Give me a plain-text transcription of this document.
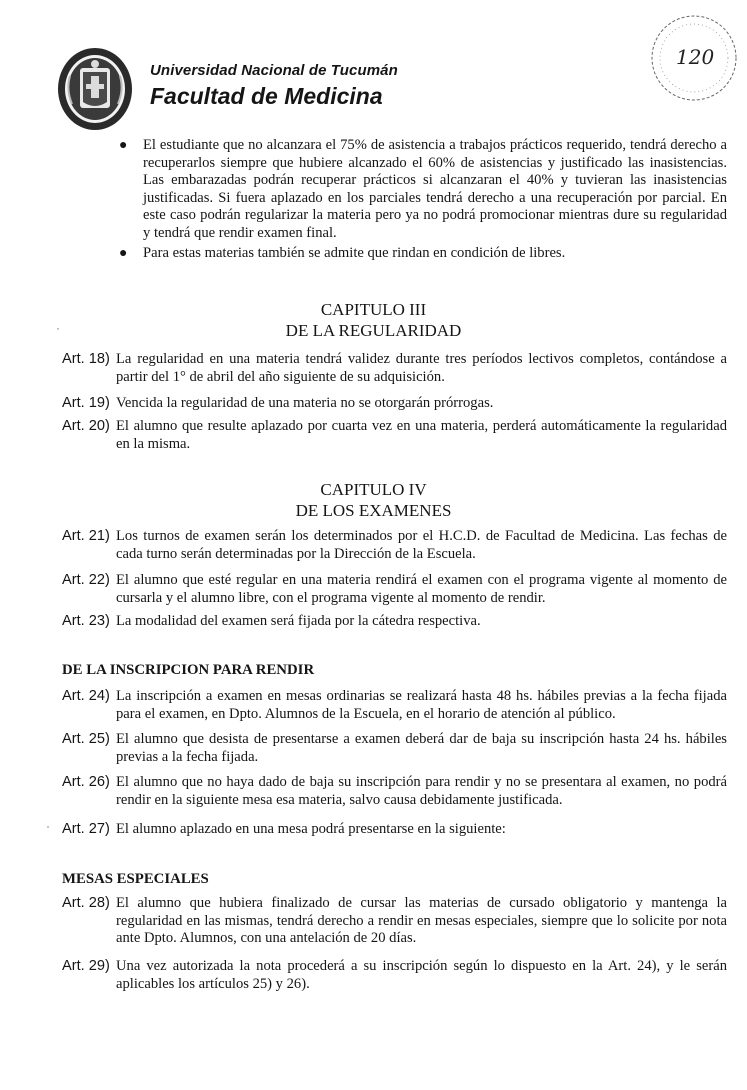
Universidad Nacional de Tucumán
Facultad de Medicina
120
● El estudiante que no alcanzara el 75% de asistencia a trabajos prácticos requerido, tendrá derecho a recuperarlos siempre que hubiere alcanzado el 60% de asistencias y justificado las inasistencias. Las embarazadas podrán recuperar prácticos si alcanzaran el 40% y tuvieran las inasistencias justificadas. Si fuera aplazado en los parciales tendrá derecho a una recuperación por parcial. En este caso podrán regularizar la materia pero ya no podrá promocionar mientras dure su regularidad y tendrá que rendir examen final.
● Para estas materias también se admite que rindan en condición de libres.
CAPITULO III
DE LA REGULARIDAD
Art. 18) La regularidad en una materia tendrá validez durante tres períodos lectivos completos, contándose a partir del 1° de abril del año siguiente de su adquisición.
Art. 19) Vencida la regularidad de una materia no se otorgarán prórrogas.
Art. 20) El alumno que resulte aplazado por cuarta vez en una materia, perderá automáticamente la regularidad en la misma.
CAPITULO IV
DE LOS EXAMENES
Art. 21) Los turnos de examen serán los determinados por el H.C.D. de Facultad de Medicina. Las fechas de cada turno serán determinadas por la Dirección de la Escuela.
Art. 22) El alumno que esté regular en una materia rendirá el examen con el programa vigente al momento de cursarla y el alumno libre, con el programa vigente al momento de rendir.
Art. 23) La modalidad del examen será fijada por la cátedra respectiva.
DE LA INSCRIPCION PARA RENDIR
Art. 24) La inscripción a examen en mesas ordinarias se realizará hasta 48 hs. hábiles previas a la fecha fijada para el examen, en Dpto. Alumnos de la Escuela, en el horario de atención al público.
Art. 25) El alumno que desista de presentarse a examen deberá dar de baja su inscripción hasta 24 hs. hábiles previas a la fecha fijada.
Art. 26) El alumno que no haya dado de baja su inscripción para rendir y no se presentara al examen, no podrá rendir en la siguiente mesa esa materia, salvo causa debidamente justificada.
Art. 27) El alumno aplazado en una mesa podrá presentarse en la siguiente:
MESAS ESPECIALES
Art. 28) El alumno que hubiera finalizado de cursar las materias de cursado obligatorio y mantenga la regularidad en las mismas, tendrá derecho a rendir en mesas especiales, siempre que lo solicite por nota ante Dpto. Alumnos, con una antelación de 20 días.
Art. 29) Una vez autorizada la nota procederá a su inscripción según lo dispuesto en la Art. 24), y le serán aplicables los artículos 25) y 26).
˙
˙
